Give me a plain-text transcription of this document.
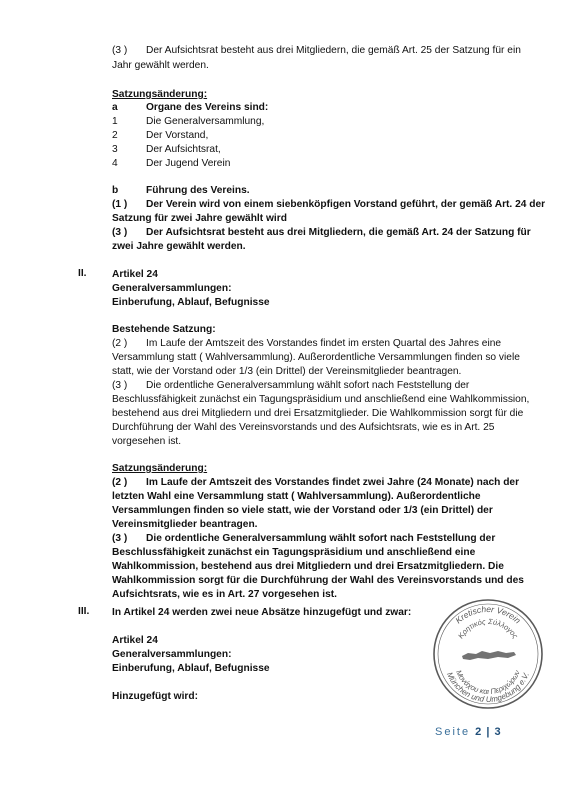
(3 ) Der Aufsichtsrat besteht aus drei Mitgliedern, die gemäß Art. 25 der Satzung für ein
Jahr gewählt werden.
Satzungsänderung:
a	Organe des Vereins sind:
1	Die Generalversammlung,
2	Der Vorstand,
3	Der Aufsichtsrat,
4	Der Jugend Verein
b	Führung des Vereins.
(1 ) Der Verein wird von einem siebenköpfigen Vorstand geführt, der gemäß Art. 24 der
Satzung für zwei Jahre gewählt wird
(3 ) Der Aufsichtsrat besteht aus drei Mitgliedern, die gemäß Art. 24 der Satzung für
zwei Jahre gewählt werden.
II.	Artikel 24
Generalversammlungen:
Einberufung, Ablauf, Befugnisse
Bestehende Satzung:
(2 ) Im Laufe der Amtszeit des Vorstandes findet im ersten Quartal des Jahres eine
Versammlung statt ( Wahlversammlung). Außerordentliche Versammlungen finden so viele
statt, wie der Vorstand oder 1/3 (ein Drittel) der Vereinsmitglieder beantragen.
(3 ) Die ordentliche Generalversammlung wählt sofort nach Feststellung der
Beschlussfähigkeit zunächst ein Tagungspräsidium und anschließend eine Wahlkommission,
bestehend aus drei Mitgliedern und drei Ersatzmitglieder. Die Wahlkommission sorgt für die
Durchführung der Wahl des Vereinsvorstands und des Aufsichtsrats, wie es in Art. 25
vorgesehen ist.
Satzungsänderung:
(2 ) Im Laufe der Amtszeit des Vorstandes findet zwei Jahre (24 Monate) nach der
letzten Wahl eine Versammlung statt ( Wahlversammlung). Außerordentliche
Versammlungen finden so viele statt, wie der Vorstand oder 1/3 (ein Drittel) der
Vereinsmitglieder beantragen.
(3 ) Die ordentliche Generalversammlung wählt sofort nach Feststellung der
Beschlussfähigkeit zunächst ein Tagungspräsidium und anschließend eine
Wahlkommission, bestehend aus drei Mitgliedern und drei Ersatzmitgliedern. Die
Wahlkommission sorgt für die Durchführung der Wahl des Vereinsvorstands und des
Aufsichtsrats, wie es in Art. 27 vorgesehen ist.
III. In Artikel 24 werden zwei neue Absätze hinzugefügt und zwar:
Artikel 24
Generalversammlungen:
Einberufung, Ablauf, Befugnisse
Hinzugefügt wird:
Kretischer Verein
Κρητικός Σύλλογος
Μονάχου και Περιχώρων
München und Umgebung e.V.
Seite 2 | 3
